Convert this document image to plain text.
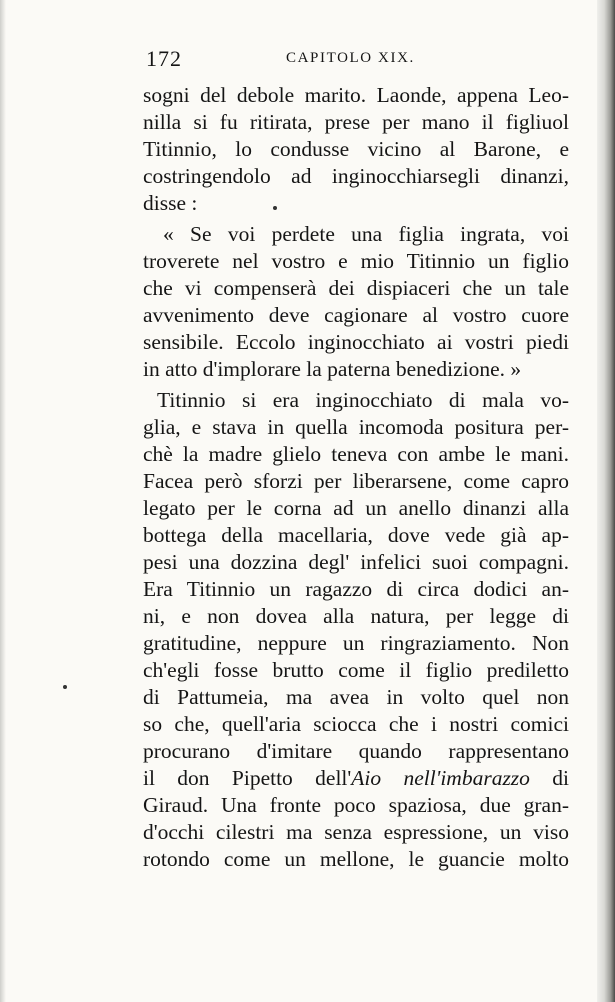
172	CAPITOLO XIX.
sogni del debole marito. Laonde, appena Leo-
nilla si fu ritirata, prese per mano il figliuol
Titinnio, lo condusse vicino al Barone, e
costringendolo ad inginocchiarsegli dinanzi,
disse :
« Se voi perdete una figlia ingrata, voi
troverete nel vostro e mio Titinnio un figlio
che vi compenserà dei dispiaceri che un tale
avvenimento deve cagionare al vostro cuore
sensibile. Eccolo inginocchiato ai vostri piedi
in atto d'implorare la paterna benedizione. »
Titinnio si era inginocchiato di mala vo-
glia, e stava in quella incomoda positura per-
chè la madre glielo teneva con ambe le mani.
Facea però sforzi per liberarsene, come capro
legato per le corna ad un anello dinanzi alla
bottega della macellaria, dove vede già ap-
pesi una dozzina degl' infelici suoi compagni.
Era Titinnio un ragazzo di circa dodici an-
ni, e non dovea alla natura, per legge di
gratitudine, neppure un ringraziamento. Non
ch'egli fosse brutto come il figlio prediletto
di Pattumeia, ma avea in volto quel non
so che, quell'aria sciocca che i nostri comici
procurano d'imitare quando rappresentano
il don Pipetto dell'Aio nell'imbarazzo di
Giraud. Una fronte poco spaziosa, due gran-
d'occhi cilestri ma senza espressione, un viso
rotondo come un mellone, le guancie molto
